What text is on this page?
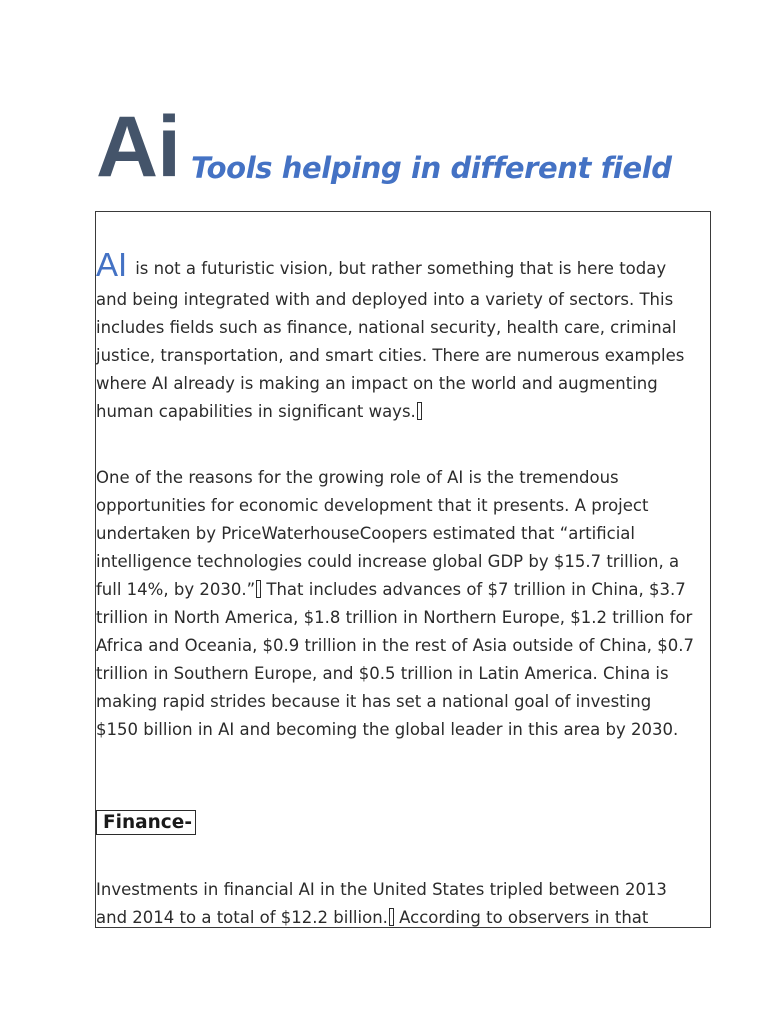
Ai Tools helping in different field
AI is not a futuristic vision, but rather something that is here today
and being integrated with and deployed into a variety of sectors. This
includes fields such as finance, national security, health care, criminal
justice, transportation, and smart cities. There are numerous examples
where AI already is making an impact on the world and augmenting
human capabilities in significant ways.
One of the reasons for the growing role of AI is the tremendous
opportunities for economic development that it presents. A project
undertaken by PriceWaterhouseCoopers estimated that “artificial
intelligence technologies could increase global GDP by $15.7 trillion, a
full 14%, by 2030.” That includes advances of $7 trillion in China, $3.7
trillion in North America, $1.8 trillion in Northern Europe, $1.2 trillion for
Africa and Oceania, $0.9 trillion in the rest of Asia outside of China, $0.7
trillion in Southern Europe, and $0.5 trillion in Latin America. China is
making rapid strides because it has set a national goal of investing
$150 billion in AI and becoming the global leader in this area by 2030.
Finance-
Investments in financial AI in the United States tripled between 2013
and 2014 to a total of $12.2 billion. According to observers in that
